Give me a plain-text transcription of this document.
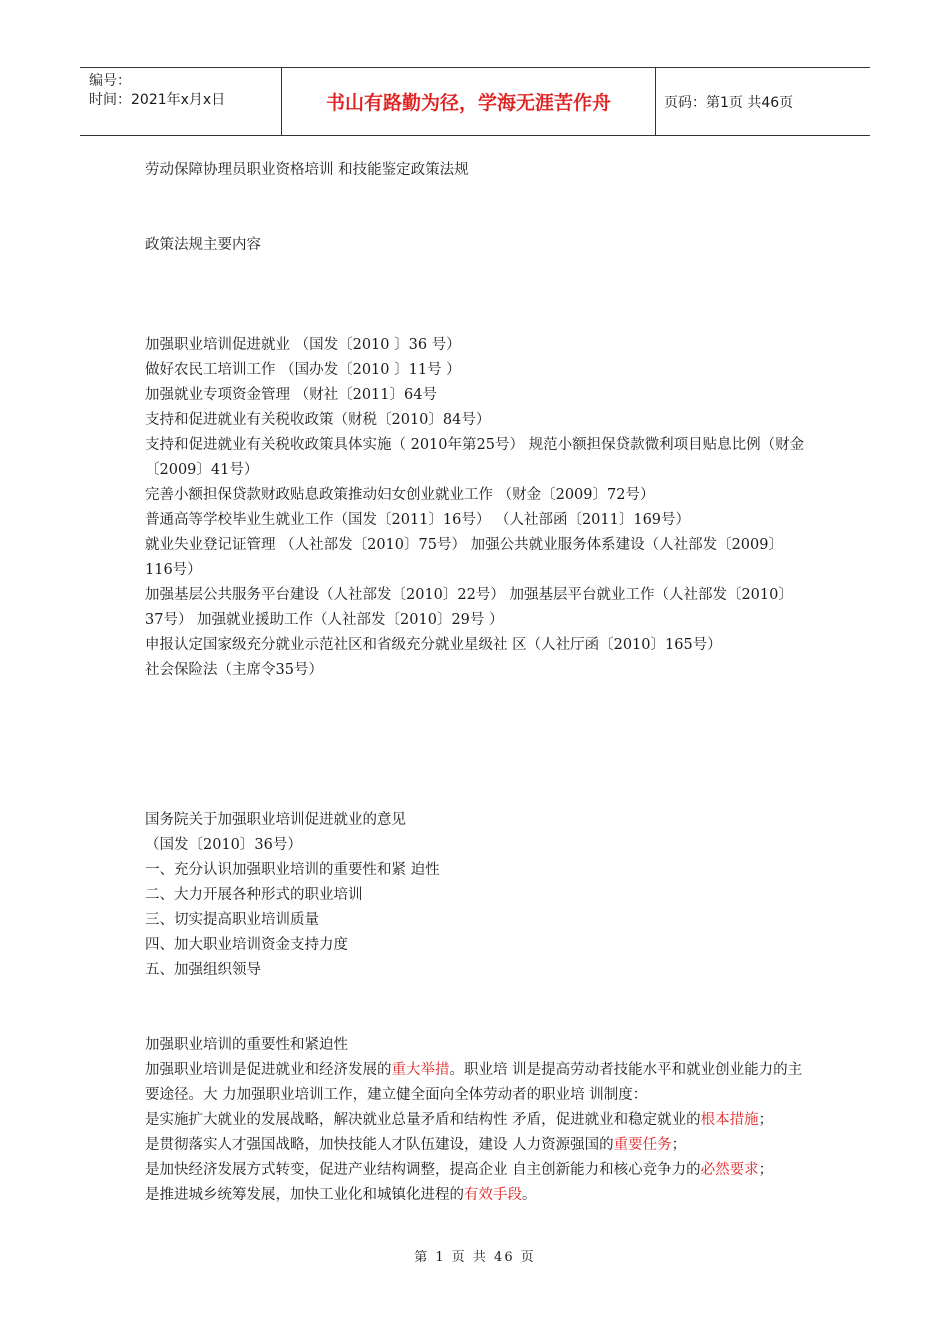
编号：
时间：2021年x月x日	书山有路勤为径，学海无涯苦作舟	页码：第1页 共46页

劳动保障协理员职业资格培训 和技能鉴定政策法规

政策法规主要内容

加强职业培训促进就业 （国发〔2010 〕36 号）

做好农民工培训工作 （国办发〔2010 〕11号 ）

加强就业专项资金管理 （财社〔2011〕64号

支持和促进就业有关税收政策（财税〔2010〕84号）

支持和促进就业有关税收政策具体实施（ 2010年第25号） 规范小额担保贷款微利项目贴息比例（财金〔2009〕41号）

完善小额担保贷款财政贴息政策推动妇女创业就业工作 （财金〔2009〕72号）

普通高等学校毕业生就业工作（国发〔2011〕16号） （人社部函〔2011〕169号）

就业失业登记证管理 （人社部发〔2010〕75号） 加强公共就业服务体系建设（人社部发〔2009〕116号）

加强基层公共服务平台建设（人社部发〔2010〕22号） 加强基层平台就业工作（人社部发〔2010〕37号） 加强就业援助工作（人社部发〔2010〕29号 ）

申报认定国家级充分就业示范社区和省级充分就业星级社 区（人社厅函〔2010〕165号）

社会保险法（主席令35号）

国务院关于加强职业培训促进就业的意见

（国发〔2010〕36号）

一、充分认识加强职业培训的重要性和紧 迫性

二、大力开展各种形式的职业培训

三、切实提高职业培训质量

四、加大职业培训资金支持力度

五、加强组织领导

加强职业培训的重要性和紧迫性

加强职业培训是促进就业和经济发展的重大举措。职业培 训是提高劳动者技能水平和就业创业能力的主要途径。大 力加强职业培训工作，建立健全面向全体劳动者的职业培 训制度：

是实施扩大就业的发展战略，解决就业总量矛盾和结构性 矛盾，促进就业和稳定就业的根本措施；

是贯彻落实人才强国战略，加快技能人才队伍建设，建设 人力资源强国的重要任务；

是加快经济发展方式转变，促进产业结构调整，提高企业 自主创新能力和核心竞争力的必然要求；

是推进城乡统筹发展，加快工业化和城镇化进程的有效手段。

第 1 页 共 46 页
